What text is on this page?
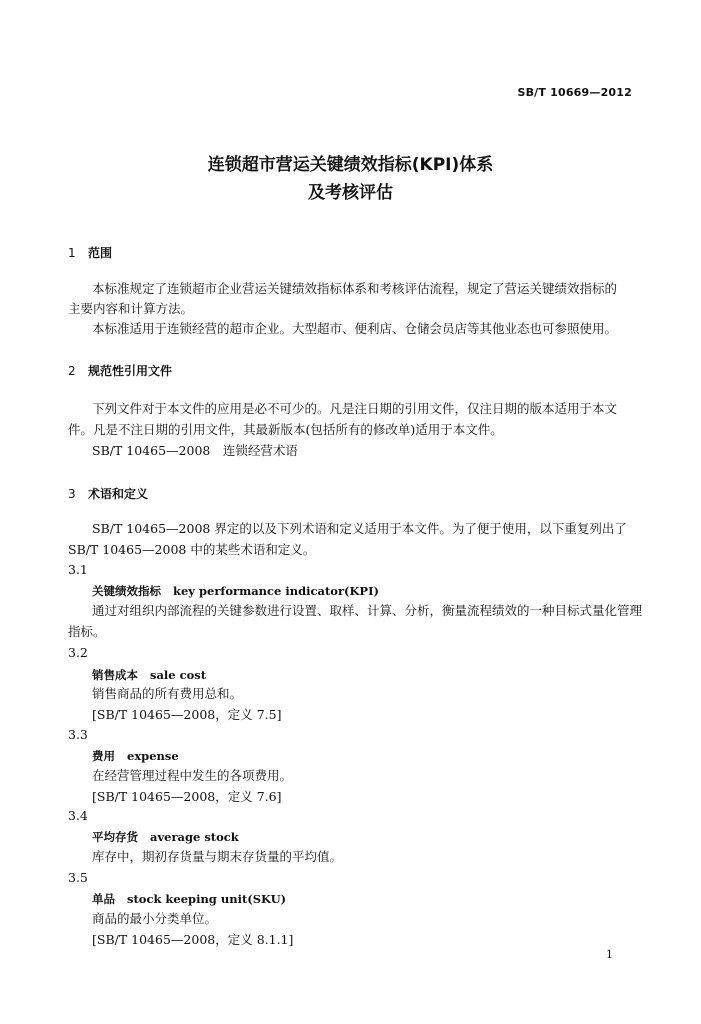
SB/T 10669—2012
连锁超市营运关键绩效指标(KPI)体系
及考核评估
1 范围
本标准规定了连锁超市企业营运关键绩效指标体系和考核评估流程，规定了营运关键绩效指标的
主要内容和计算方法。
本标准适用于连锁经营的超市企业。大型超市、便利店、仓储会员店等其他业态也可参照使用。
2 规范性引用文件
下列文件对于本文件的应用是必不可少的。凡是注日期的引用文件，仅注日期的版本适用于本文
件。凡是不注日期的引用文件，其最新版本(包括所有的修改单)适用于本文件。
SB/T 10465—2008　连锁经营术语
3 术语和定义
SB/T 10465—2008 界定的以及下列术语和定义适用于本文件。为了便于使用，以下重复列出了
SB/T 10465—2008 中的某些术语和定义。
3.1
关键绩效指标 key performance indicator(KPI)
通过对组织内部流程的关键参数进行设置、取样、计算、分析，衡量流程绩效的一种目标式量化管理
指标。
3.2
销售成本 sale cost
销售商品的所有费用总和。
[SB/T 10465—2008，定义 7.5]
3.3
费用 expense
在经营管理过程中发生的各项费用。
[SB/T 10465—2008，定义 7.6]
3.4
平均存货 average stock
库存中，期初存货量与期末存货量的平均值。
3.5
单品 stock keeping unit(SKU)
商品的最小分类单位。
[SB/T 10465—2008，定义 8.1.1]
1
